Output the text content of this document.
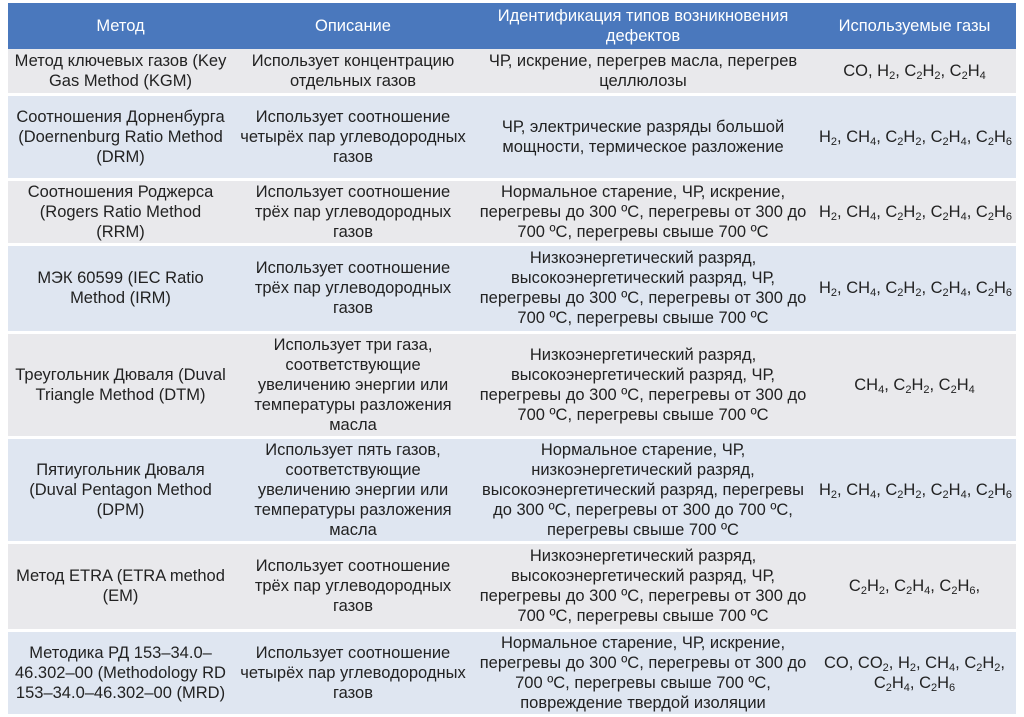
Метод	Описание	Идентификация типов возникновения дефектов	Используемые газы
Метод ключевых газов (Key Gas Method (KGM)	Использует концентрацию отдельных газов	ЧР, искрение, перегрев масла, перегрев целлюлозы	CO, $H_2$, $C_2H_2$, $C_2H_4$
Соотношения Дорненбурга (Doernenburg Ratio Method (DRM)	Использует соотношение четырёх пар углеводородных газов	ЧР, электрические разряды большой мощности, термическое разложение	$H_2$, $CH_4$, $C_2H_2$, $C_2H_4$, $C_2H_6$
Соотношения Роджерса (Rogers Ratio Method (RRM)	Использует соотношение трёх пар углеводородных газов	Нормальное старение, ЧР, искрение, перегревы до 300 ºС, перегревы от 300 до 700 ºС, перегревы свыше 700 ºС	$H_2$, $CH_4$, $C_2H_2$, $C_2H_4$, $C_2H_6$
МЭК 60599 (IEC Ratio Method (IRM)	Использует соотношение трёх пар углеводородных газов	Низкоэнергетический разряд, высокоэнергетический разряд, ЧР, перегревы до 300 ºС, перегревы от 300 до 700 ºС, перегревы свыше 700 ºС	$H_2$, $CH_4$, $C_2H_2$, $C_2H_4$, $C_2H_6$
Треугольник Дюваля (Duval Triangle Method (DTM)	Использует три газа, соответствующие увеличению энергии или температуры разложения масла	Низкоэнергетический разряд, высокоэнергетический разряд, ЧР, перегревы до 300 ºС, перегревы от 300 до 700 ºС, перегревы свыше 700 ºС	$CH_4$, $C_2H_2$, $C_2H_4$
Пятиугольник Дюваля (Duval Pentagon Method (DPM)	Использует пять газов, соответствующие увеличению энергии или температуры разложения масла	Нормальное старение, ЧР, низкоэнергетический разряд, высокоэнергетический разряд, перегревы до 300 ºС, перегревы от 300 до 700 ºС, перегревы свыше 700 ºС	$H_2$, $CH_4$, $C_2H_2$, $C_2H_4$, $C_2H_6$
Метод ETRA (ETRA method (EM)	Использует соотношение трёх пар углеводородных газов	Низкоэнергетический разряд, высокоэнергетический разряд, ЧР, перегревы до 300 ºС, перегревы от 300 до 700 ºС, перегревы свыше 700 ºС	$C_2H_2$, $C_2H_4$, $C_2H_6$,
Методика РД 153–34.0–46.302–00 (Methodology RD 153–34.0–46.302–00 (MRD)	Использует соотношение четырёх пар углеводородных газов	Нормальное старение, ЧР, искрение, перегревы до 300 ºС, перегревы от 300 до 700 ºС, перегревы свыше 700 ºС, повреждение твердой изоляции	CO, $CO_2$, $H_2$, $CH_4$, $C_2H_2$, $C_2H_4$, $C_2H_6$
